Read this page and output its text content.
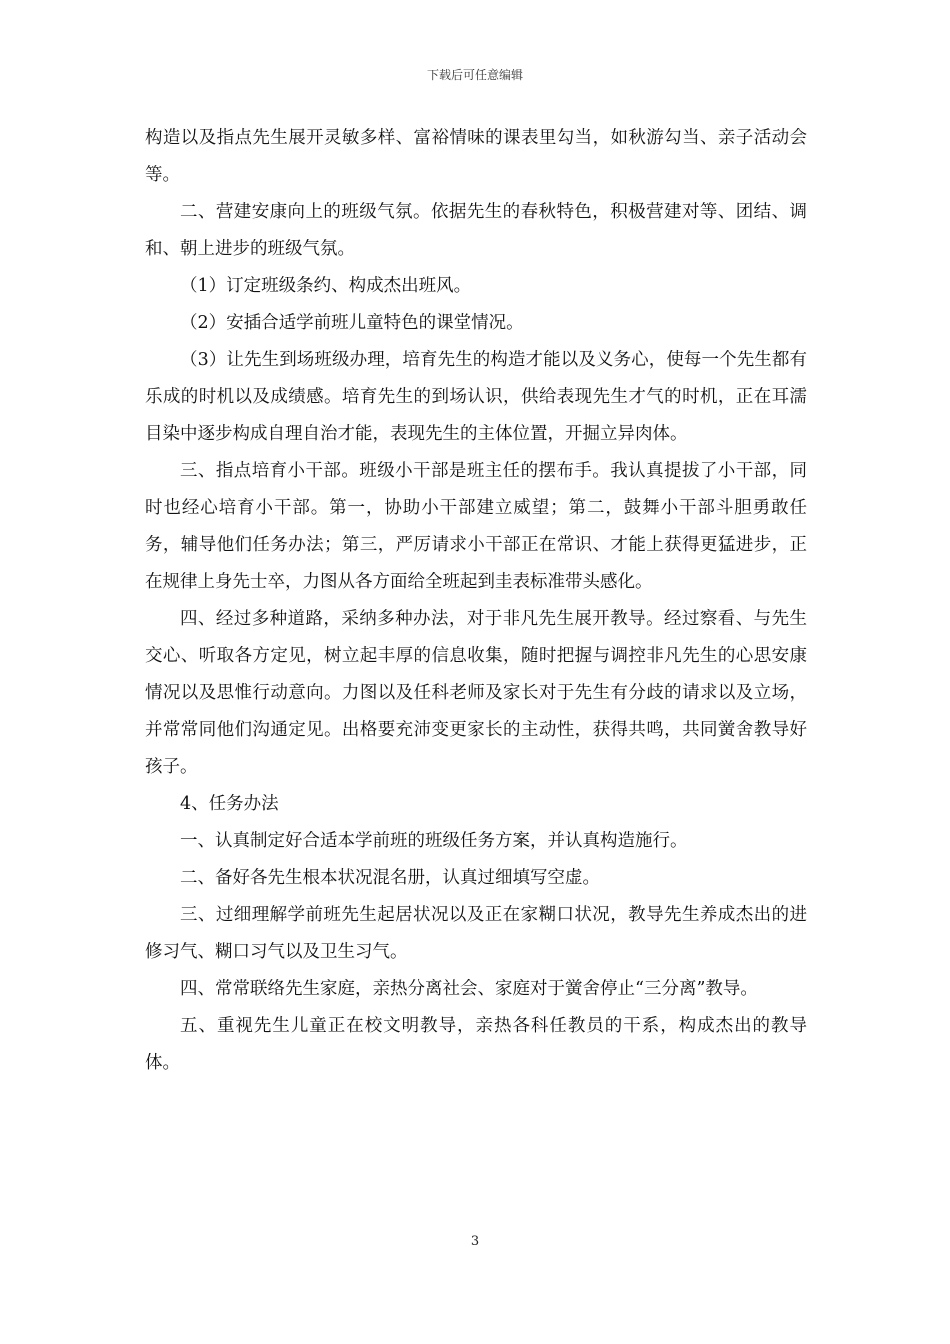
下载后可任意编辑

构造以及指点先生展开灵敏多样、富裕情味的课表里勾当，如秋游勾当、亲子活动会等。

二、营建安康向上的班级气氛。依据先生的春秋特色，积极营建对等、团结、调和、朝上进步的班级气氛。

（1）订定班级条约、构成杰出班风。

（2）安插合适学前班儿童特色的课堂情况。

（3）让先生到场班级办理，培育先生的构造才能以及义务心，使每一个先生都有乐成的时机以及成绩感。培育先生的到场认识，供给表现先生才气的时机，正在耳濡目染中逐步构成自理自治才能，表现先生的主体位置，开掘立异肉体。

三、指点培育小干部。班级小干部是班主任的摆布手。我认真提拔了小干部，同时也经心培育小干部。第一，协助小干部建立威望；第二，鼓舞小干部斗胆勇敢任务，辅导他们任务办法；第三，严厉请求小干部正在常识、才能上获得更猛进步，正在规律上身先士卒，力图从各方面给全班起到圭表标准带头感化。

四、经过多种道路，采纳多种办法，对于非凡先生展开教导。经过察看、与先生交心、听取各方定见，树立起丰厚的信息收集，随时把握与调控非凡先生的心思安康情况以及思惟行动意向。力图以及任科老师及家长对于先生有分歧的请求以及立场，并常常同他们沟通定见。出格要充沛变更家长的主动性，获得共鸣，共同黉舍教导好孩子。

4、任务办法

一、认真制定好合适本学前班的班级任务方案，并认真构造施行。

二、备好各先生根本状况混名册，认真过细填写空虚。

三、过细理解学前班先生起居状况以及正在家糊口状况，教导先生养成杰出的进修习气、糊口习气以及卫生习气。

四、常常联络先生家庭，亲热分离社会、家庭对于黉舍停止“三分离”教导。

五、重视先生儿童正在校文明教导，亲热各科任教员的干系，构成杰出的教导体。

3
